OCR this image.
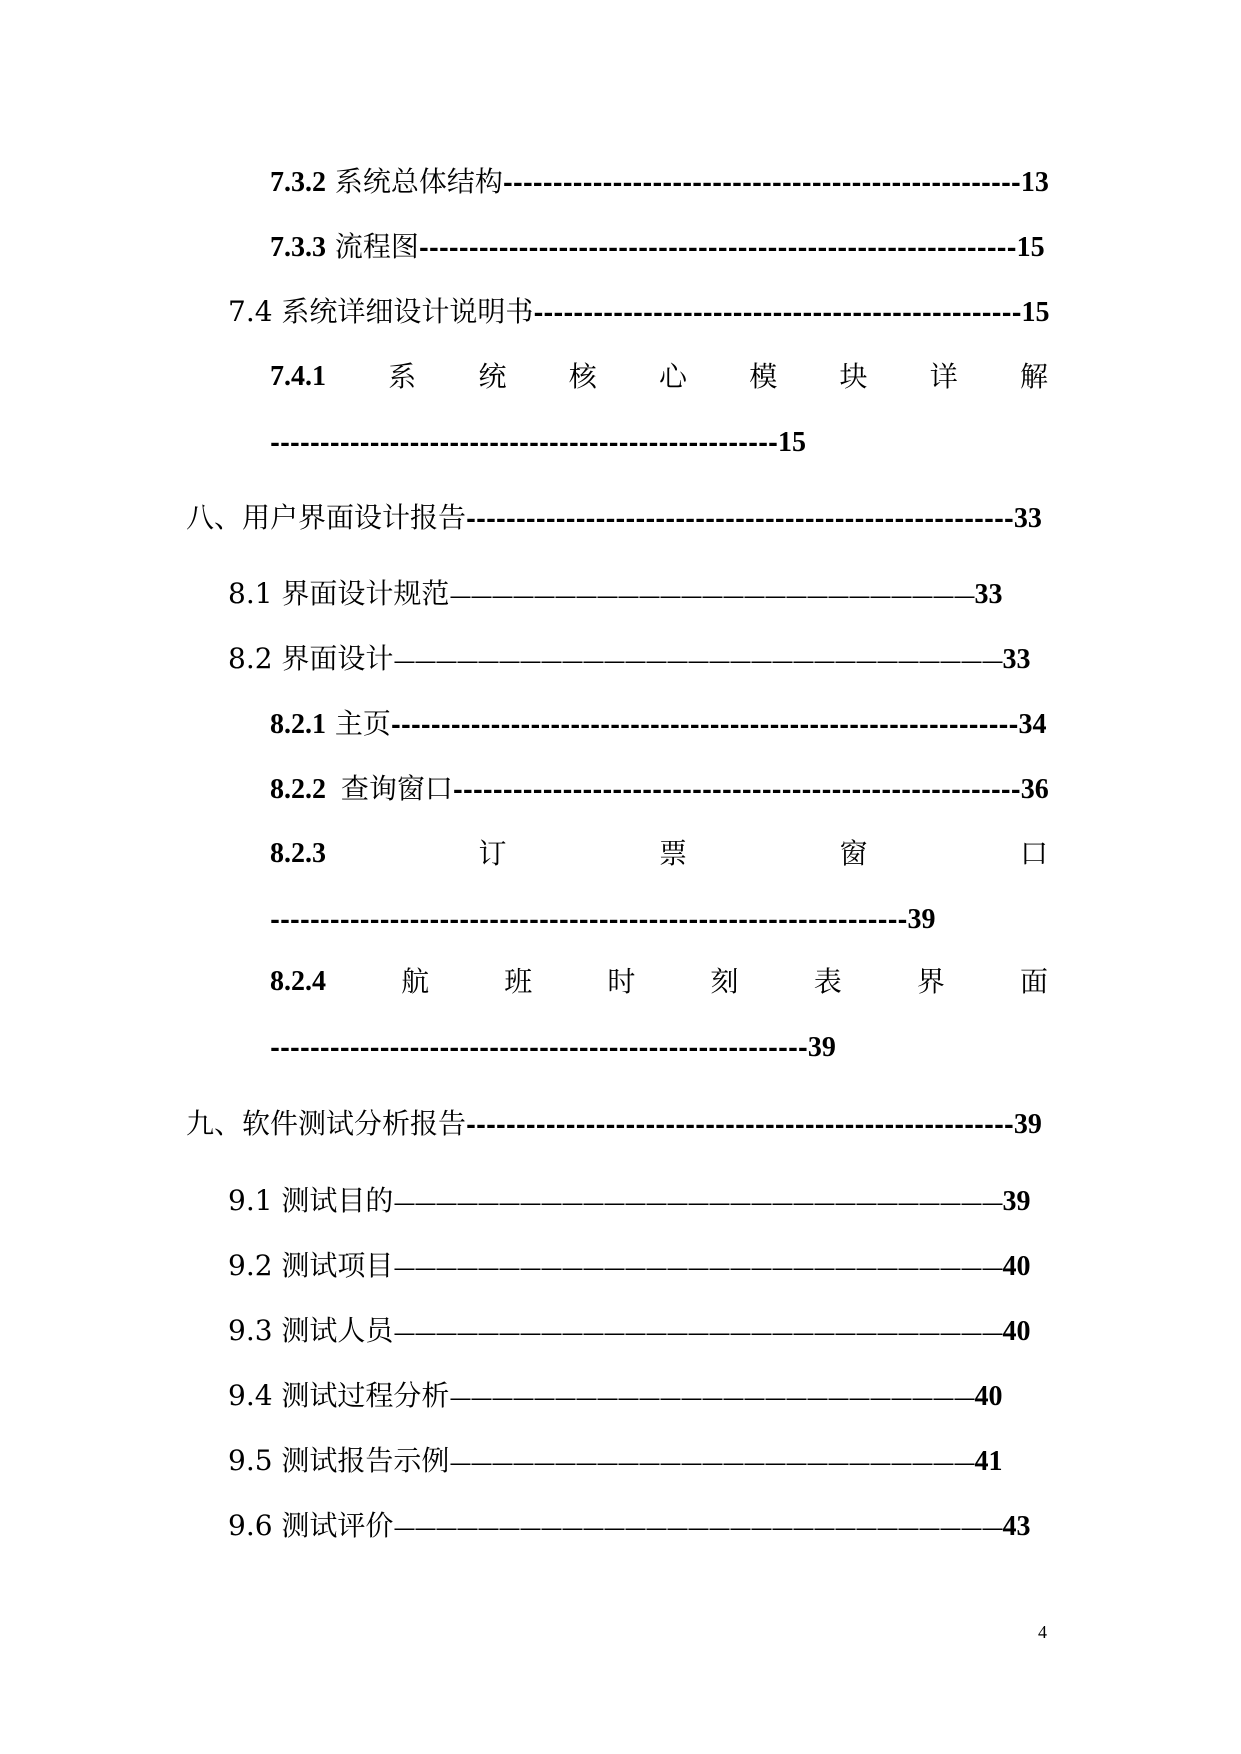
7.3.2 系统总体结构----------------------------------------------------13
7.3.3 流程图------------------------------------------------------------15
7.4 系统详细设计说明书-------------------------------------------------15
7.4.1 系 统 核 心 模 块 详 解
---------------------------------------------------15
八、用户界面设计报告-------------------------------------------------------33
8.1 界面设计规范—————————————————————————33
8.2 界面设计—————————————————————————————33
8.2.1 主页---------------------------------------------------------------34
8.2.2 查询窗口---------------------------------------------------------36
8.2.3	订	票	窗	口
----------------------------------------------------------------39
8.2.4	航	班	时	刻	表	界	面
------------------------------------------------------39
九、软件测试分析报告-------------------------------------------------------39
9.1 测试目的—————————————————————————————39
9.2 测试项目—————————————————————————————40
9.3 测试人员—————————————————————————————40
9.4 测试过程分析—————————————————————————40
9.5 测试报告示例—————————————————————————41
9.6 测试评价—————————————————————————————43
4
